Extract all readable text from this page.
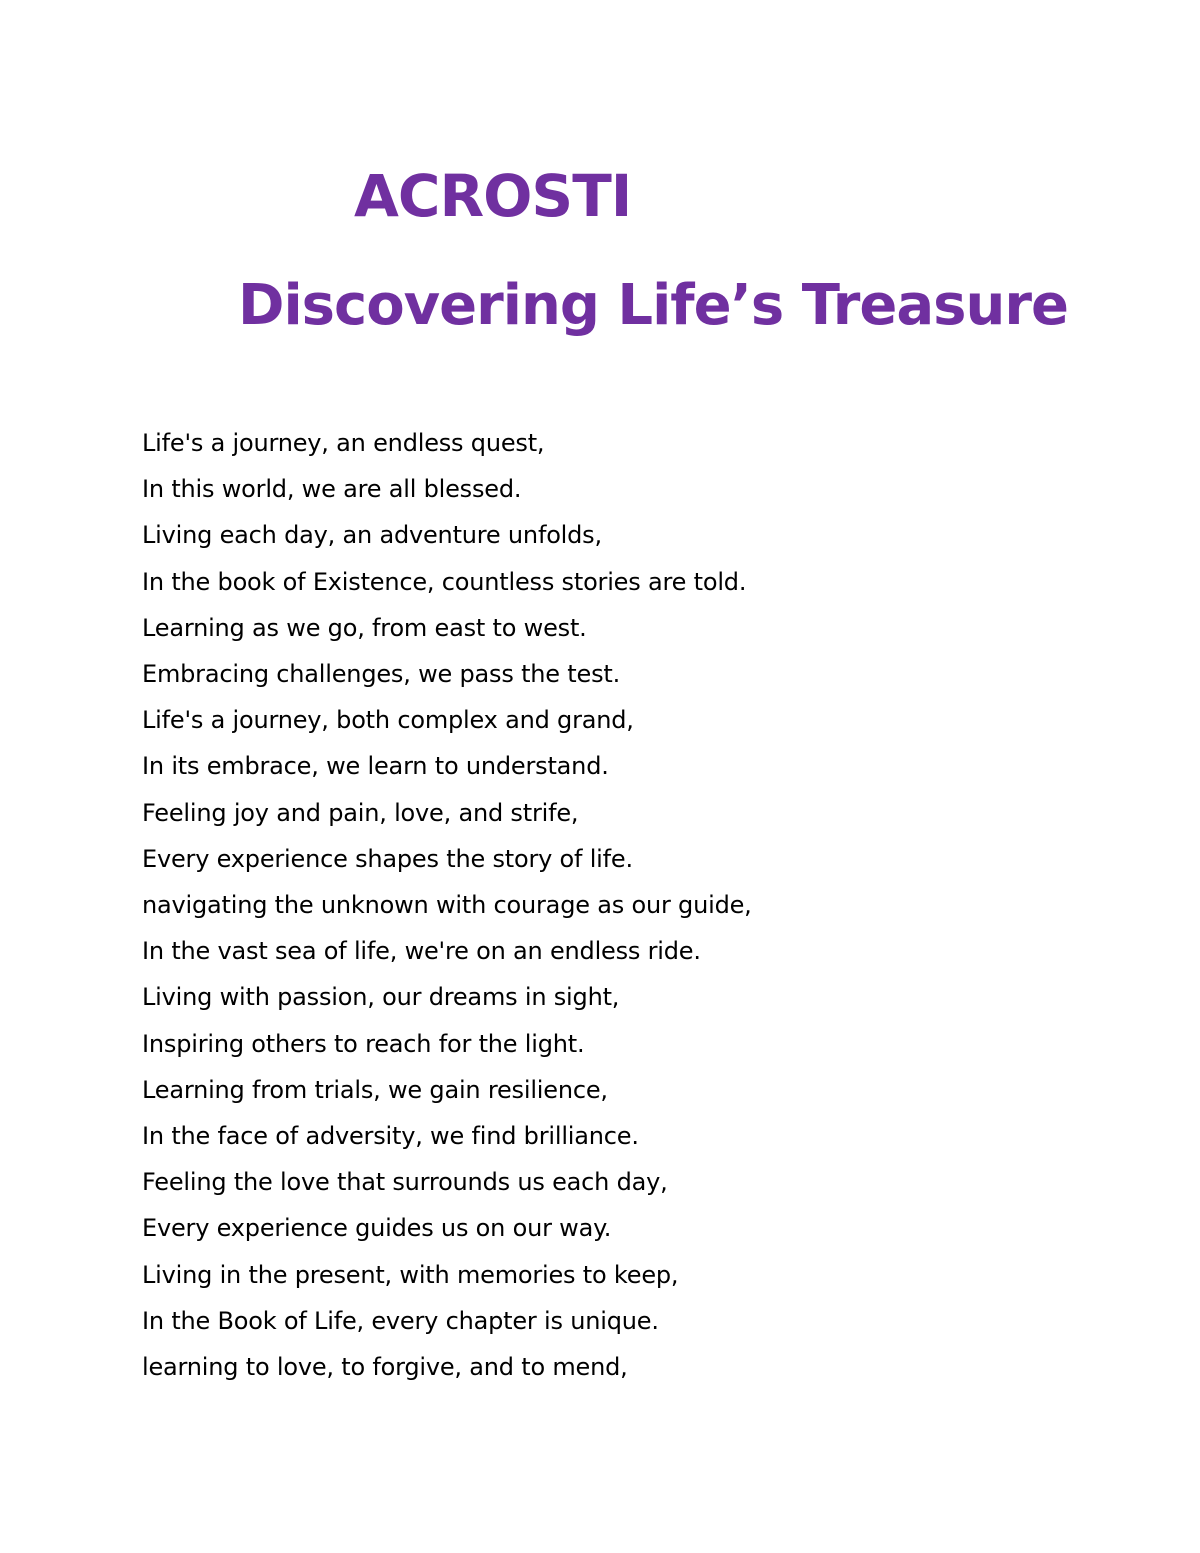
ACROSTI
Discovering Life’s Treasure
Life's a journey, an endless quest,
In this world, we are all blessed.
Living each day, an adventure unfolds,
In the book of Existence, countless stories are told.
Learning as we go, from east to west.
Embracing challenges, we pass the test.
Life's a journey, both complex and grand,
In its embrace, we learn to understand.
Feeling joy and pain, love, and strife,
Every experience shapes the story of life.
navigating the unknown with courage as our guide,
In the vast sea of life, we're on an endless ride.
Living with passion, our dreams in sight,
Inspiring others to reach for the light.
Learning from trials, we gain resilience,
In the face of adversity, we find brilliance.
Feeling the love that surrounds us each day,
Every experience guides us on our way.
Living in the present, with memories to keep,
In the Book of Life, every chapter is unique.
learning to love, to forgive, and to mend,
